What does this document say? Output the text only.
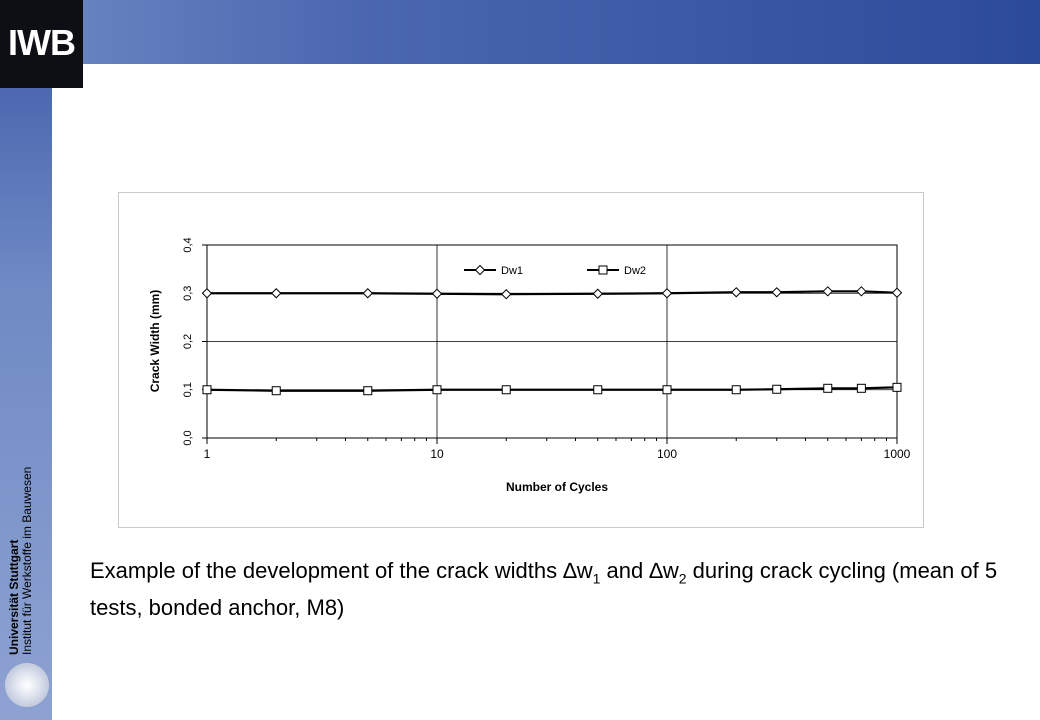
IWB
Universität Stuttgart Institut für Werkstoffe im Bauwesen
0,0
0,1
0,2
0,3
0,4
1	10	100	1000
Dw1	Dw2
Number of Cycles
Crack Width (mm)
Example of the development of the crack widths $\Delta w_1$ and $\Delta w_2$ during crack cycling (mean of 5 tests, bonded anchor, M8)
